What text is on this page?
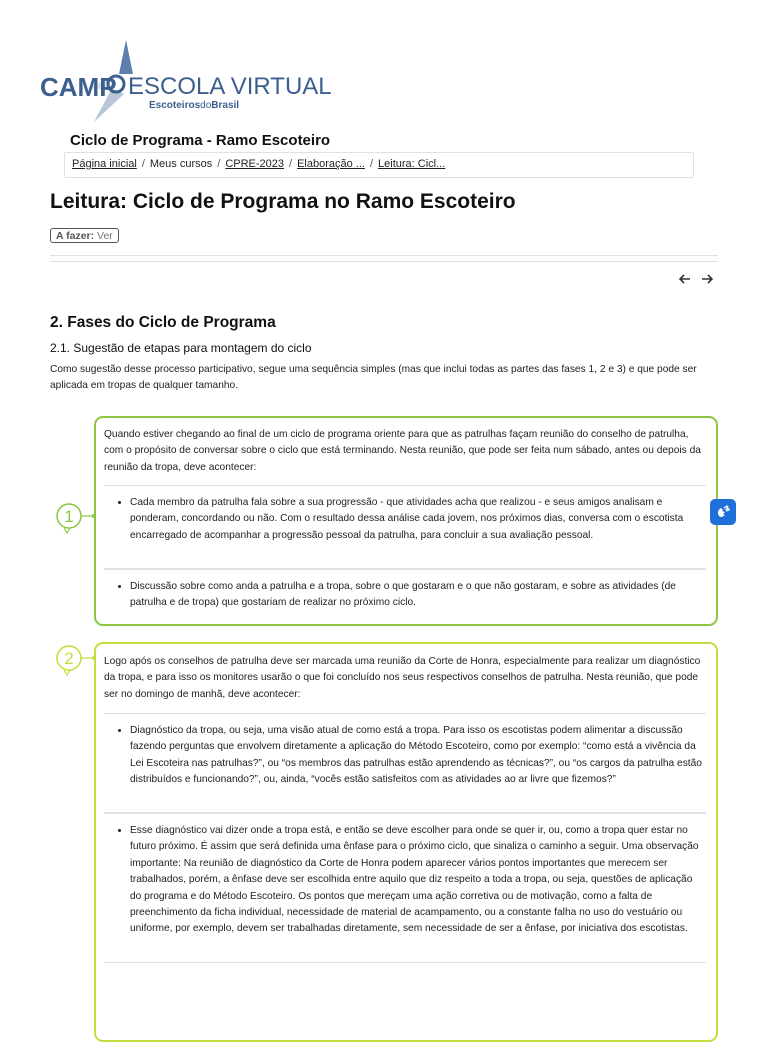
CAMP ESCOLA VIRTUAL
EscoteirosdoBrasil
Ciclo de Programa - Ramo Escoteiro
Página inicial / Meus cursos / CPRE-2023 / Elaboração ... / Leitura: Cicl...
Leitura: Ciclo de Programa no Ramo Escoteiro
A fazer: Ver

2. Fases do Ciclo de Programa
2.1. Sugestão de etapas para montagem do ciclo

Como sugestão desse processo participativo, segue uma sequência simples (mas que inclui todas as partes das fases 1, 2 e 3) e que pode ser aplicada em tropas de qualquer tamanho.

1

Quando estiver chegando ao final de um ciclo de programa oriente para que as patrulhas façam reunião do conselho de patrulha, com o propósito de conversar sobre o ciclo que está terminando. Nesta reunião, que pode ser feita num sábado, antes ou depois da reunião da tropa, deve acontecer:

• Cada membro da patrulha fala sobre a sua progressão - que atividades acha que realizou - e seus amigos analisam e ponderam, concordando ou não. Com o resultado dessa análise cada jovem, nos próximos dias, conversa com o escotista encarregado de acompanhar a progressão pessoal da patrulha, para concluir a sua avaliação pessoal.
• Discussão sobre como anda a patrulha e a tropa, sobre o que gostaram e o que não gostaram, e sobre as atividades (de patrulha e de tropa) que gostariam de realizar no próximo ciclo.
2	Logo após os conselhos de patrulha deve ser marcada uma reunião da Corte de Honra, especialmente para realizar um diagnóstico da tropa, e para isso os monitores usarão o que foi concluído nos seus respectivos conselhos de patrulha. Nesta reunião, que pode ser no domingo de manhã, deve acontecer:

• Diagnóstico da tropa, ou seja, uma visão atual de como está a tropa. Para isso os escotistas podem alimentar a discussão fazendo perguntas que envolvem diretamente a aplicação do Método Escoteiro, como por exemplo: “como está a vivência da Lei Escoteira nas patrulhas?”, ou “os membros das patrulhas estão aprendendo as técnicas?”, ou “os cargos da patrulha estão distribuídos e funcionando?”, ou, ainda, “vocês estão satisfeitos com as atividades ao ar livre que fizemos?”
• Esse diagnóstico vai dizer onde a tropa está, e então se deve escolher para onde se quer ir, ou, como a tropa quer estar no futuro próximo. É assim que será definida uma ênfase para o próximo ciclo, que sinaliza o caminho a seguir. Uma observação importante: Na reunião de diagnóstico da Corte de Honra podem aparecer vários pontos importantes que merecem ser trabalhados, porém, a ênfase deve ser escolhida entre aquilo que diz respeito a toda a tropa, ou seja, questões de aplicação do programa e do Método Escoteiro. Os pontos que mereçam uma ação corretiva ou de motivação, como a falta de preenchimento da ficha individual, necessidade de material de acampamento, ou a constante falha no uso do vestuário ou uniforme, por exemplo, devem ser trabalhadas diretamente, sem necessidade de ser a ênfase, por iniciativa dos escotistas.
